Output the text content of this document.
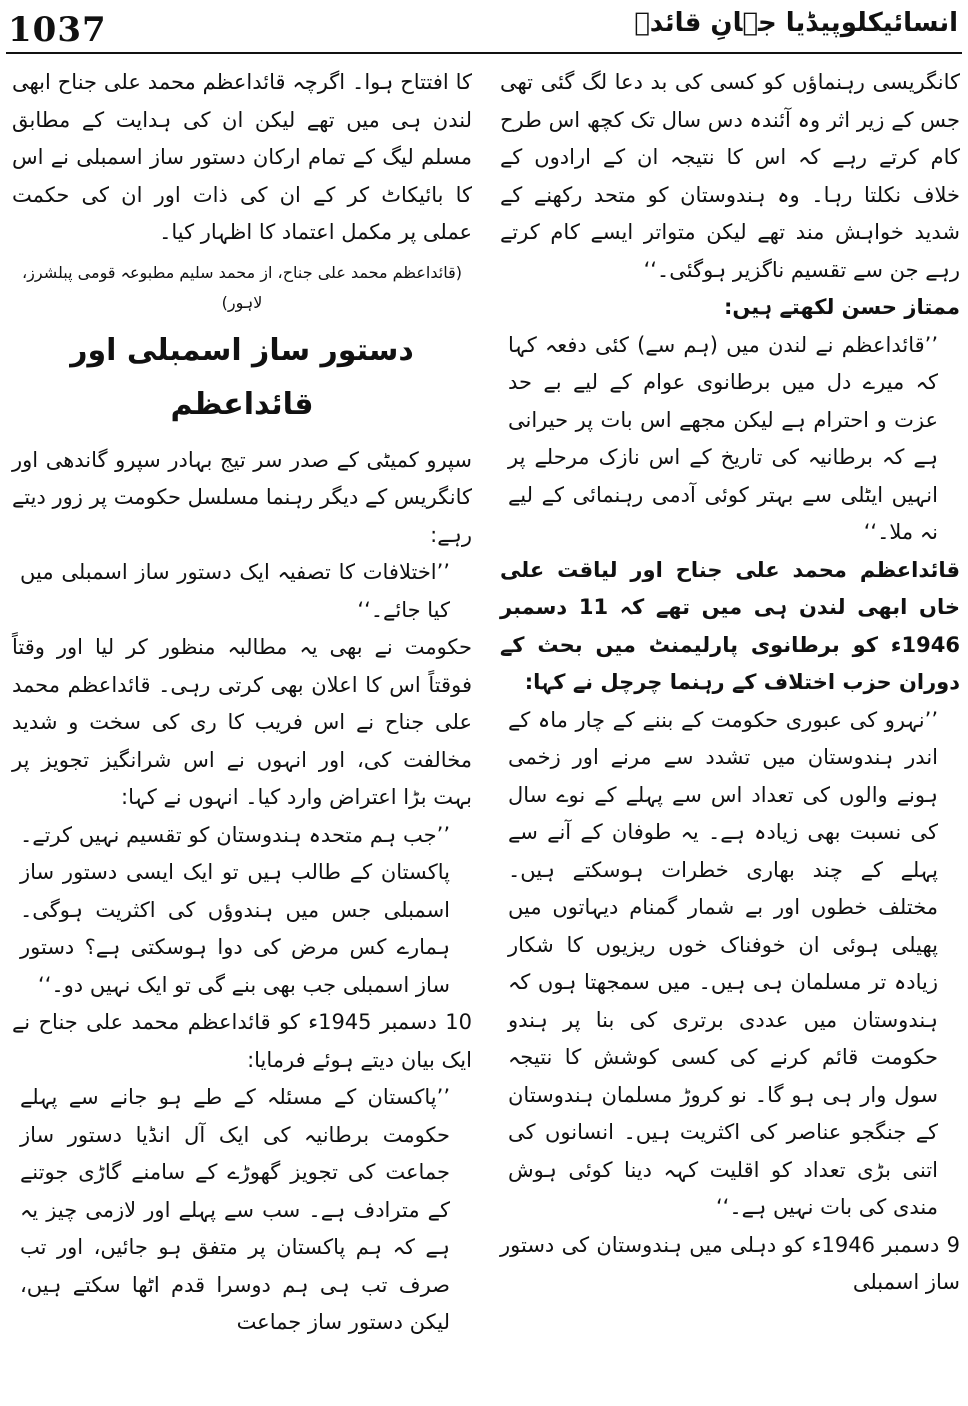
1037	انسائیکلوپیڈیا جہانِ قائدؒ

کانگریسی رہنماؤں کو کسی کی بد دعا لگ گئی تھی جس کے زیر اثر وہ آئندہ دس سال تک کچھ اس طرح کام کرتے رہے کہ اس کا نتیجہ ان کے ارادوں کے خلاف نکلتا رہا۔ وہ ہندوستان کو متحد رکھنے کے شدید خواہش مند تھے لیکن متواتر ایسے کام کرتے رہے جن سے تقسیم ناگزیر ہوگئی۔‘‘

ممتاز حسن لکھتے ہیں:

’’قائداعظم نے لندن میں (ہم سے) کئی دفعہ کہا کہ میرے دل میں برطانوی عوام کے لیے بے حد عزت و احترام ہے لیکن مجھے اس بات پر حیرانی ہے کہ برطانیہ کی تاریخ کے اس نازک مرحلے پر انہیں ایٹلی سے بہتر کوئی آدمی رہنمائی کے لیے نہ ملا۔‘‘

قائداعظم محمد علی جناح اور لیاقت علی خاں ابھی لندن ہی میں تھے کہ 11 دسمبر 1946ء کو برطانوی پارلیمنٹ میں بحث کے دوران حزب اختلاف کے رہنما چرچل نے کہا:

’’نہرو کی عبوری حکومت کے بننے کے چار ماہ کے اندر ہندوستان میں تشدد سے مرنے اور زخمی ہونے والوں کی تعداد اس سے پہلے کے نوے سال کی نسبت بھی زیادہ ہے۔ یہ طوفان کے آنے سے پہلے کے چند بھاری خطرات ہوسکتے ہیں۔ مختلف خطوں اور بے شمار گمنام دیہاتوں میں پھیلی ہوئی ان خوفناک خوں ریزیوں کا شکار زیادہ تر مسلمان ہی ہیں۔ میں سمجھتا ہوں کہ ہندوستان میں عددی برتری کی بنا پر ہندو حکومت قائم کرنے کی کسی کوشش کا نتیجہ سول وار ہی ہو گا۔ نو کروڑ مسلمان ہندوستان کے جنگجو عناصر کی اکثریت ہیں۔ انسانوں کی اتنی بڑی تعداد کو اقلیت کہہ دینا کوئی ہوش مندی کی بات نہیں ہے۔‘‘

9 دسمبر 1946ء کو دہلی میں ہندوستان کی دستور ساز اسمبلی

کا افتتاح ہوا۔ اگرچہ قائداعظم محمد علی جناح ابھی لندن ہی میں تھے لیکن ان کی ہدایت کے مطابق مسلم لیگ کے تمام ارکان دستور ساز اسمبلی نے اس کا بائیکاٹ کر کے ان کی ذات اور ان کی حکمت عملی پر مکمل اعتماد کا اظہار کیا۔

(قائداعظم محمد علی جناح، از محمد سلیم مطبوعہ قومی پبلشرز، لاہور)

دستور ساز اسمبلی اور قائداعظم

سپرو کمیٹی کے صدر سر تیج بہادر سپرو گاندھی اور کانگریس کے دیگر رہنما مسلسل حکومت پر زور دیتے رہے:

’’اختلافات کا تصفیہ ایک دستور ساز اسمبلی میں کیا جائے۔‘‘

حکومت نے بھی یہ مطالبہ منظور کر لیا اور وقتاً فوقتاً اس کا اعلان بھی کرتی رہی۔ قائداعظم محمد علی جناح نے اس فریب کا ری کی سخت و شدید مخالفت کی، اور انہوں نے اس شرانگیز تجویز پر بہت بڑا اعتراض وارد کیا۔ انہوں نے کہا:

’’جب ہم متحدہ ہندوستان کو تقسیم نہیں کرتے۔ پاکستان کے طالب ہیں تو ایک ایسی دستور ساز اسمبلی جس میں ہندوؤں کی اکثریت ہوگی۔ ہمارے کس مرض کی دوا ہوسکتی ہے؟ دستور ساز اسمبلی جب بھی بنے گی تو ایک نہیں دو۔‘‘

10 دسمبر 1945ء کو قائداعظم محمد علی جناح نے ایک بیان دیتے ہوئے فرمایا:

’’پاکستان کے مسئلہ کے طے ہو جانے سے پہلے حکومت برطانیہ کی ایک آل انڈیا دستور ساز جماعت کی تجویز گھوڑے کے سامنے گاڑی جوتنے کے مترادف ہے۔ سب سے پہلے اور لازمی چیز یہ ہے کہ ہم پاکستان پر متفق ہو جائیں، اور تب صرف تب ہی ہم دوسرا قدم اٹھا سکتے ہیں، لیکن دستور ساز جماعت
